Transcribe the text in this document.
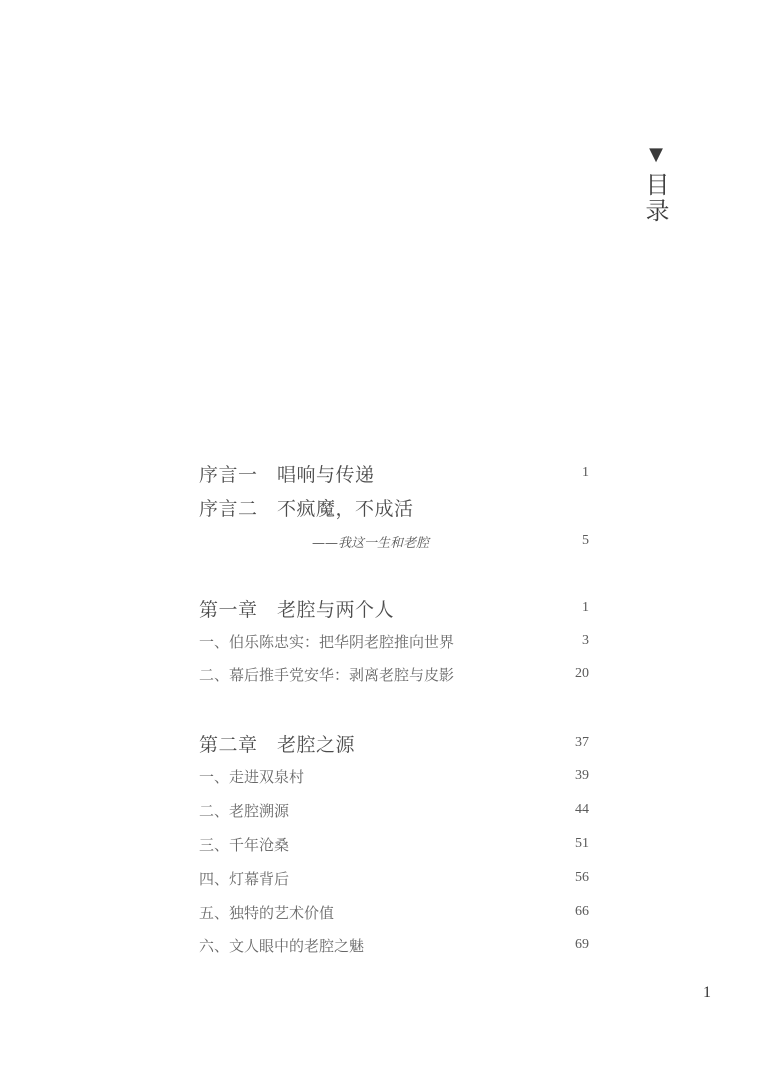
▼
目录
序言一　唱响与传递	1
序言二　不疯魔，不成活
——我这一生和老腔	5
第一章　老腔与两个人	1
一、伯乐陈忠实：把华阴老腔推向世界	3
二、幕后推手党安华：剥离老腔与皮影	20
第二章　老腔之源	37
一、走进双泉村	39
二、老腔溯源	44
三、千年沧桑	51
四、灯幕背后	56
五、独特的艺术价值	66
六、文人眼中的老腔之魅	69
1
